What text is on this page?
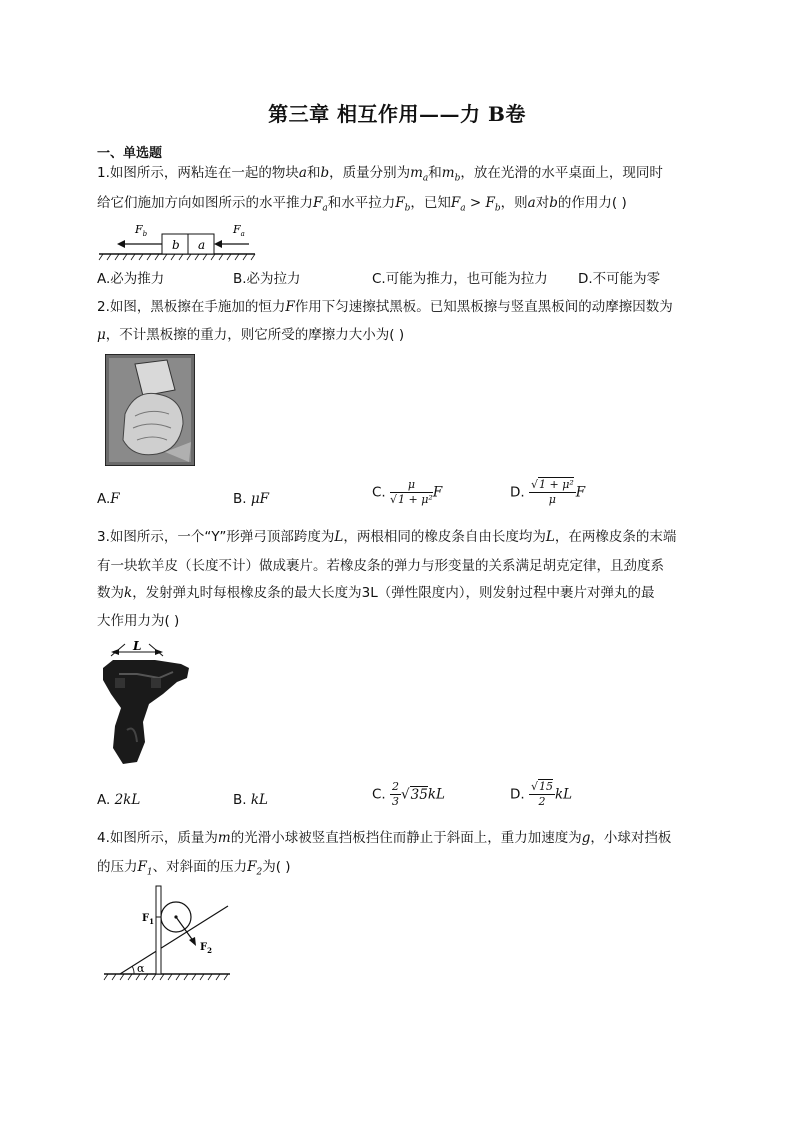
第三章 相互作用——力 B卷
一、单选题
1.如图所示，两粘连在一起的物块a和b，质量分别为$m_a$和$m_b$，放在光滑的水平桌面上，现同时
给它们施加方向如图所示的水平推力$F_a$和水平拉力$F_b$，已知$F_a > F_b$，则a对b的作用力( )
b a
$F_b$	$F_a$
A.必为推力	B.必为拉力	C.可能为推力，也可能为拉力 D.不可能为零
2.如图，黑板擦在手施加的恒力F作用下匀速擦拭黑板。已知黑板擦与竖直黑板间的动摩擦因数为
μ，不计黑板擦的重力，则它所受的摩擦力大小为( )
A.F	B. μF	C. $\frac{\mu}{\text{√1 + μ²}}$ F	D. $\frac{\text{√1 + μ²}}{\mu}$ F
3.如图所示，一个“Y”形弹弓顶部跨度为L，两根相同的橡皮条自由长度均为L，在两橡皮条的末端
有一块软羊皮（长度不计）做成裹片。若橡皮条的弹力与形变量的关系满足胡克定律，且劲度系
数为k，发射弹丸时每根橡皮条的最大长度为3L（弹性限度内），则发射过程中裹片对弹丸的最
大作用力为( )
L
A. 2kL	B. kL	C. $\frac{2}{3} √35kL$	D. $\frac{√15}{2}$ kL
4.如图所示，质量为m的光滑小球被竖直挡板挡住而静止于斜面上，重力加速度为g，小球对挡板
的压力$F_1$、对斜面的压力$F_2$为( )
$F_1$
$F_2$
α
